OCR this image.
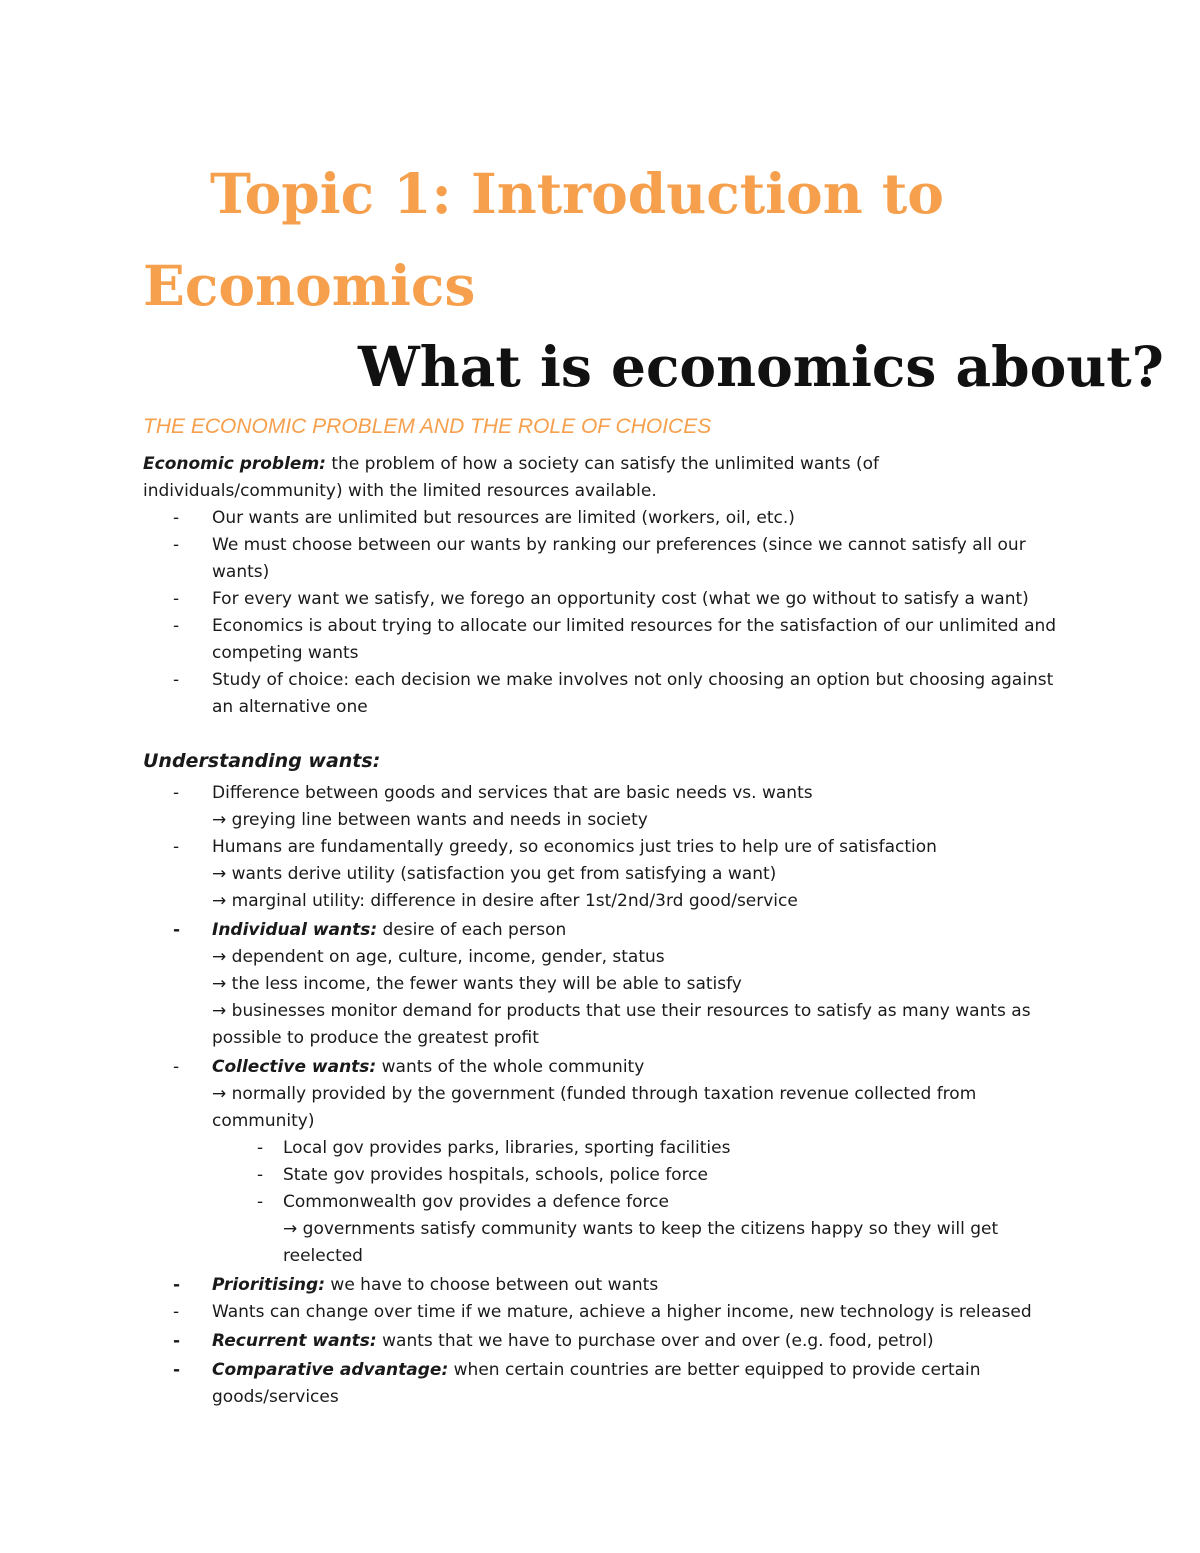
Topic 1: Introduction to Economics
What is economics about?

THE ECONOMIC PROBLEM AND THE ROLE OF CHOICES

Economic problem: the problem of how a society can satisfy the unlimited wants (of individuals/community) with the limited resources available.
- Our wants are unlimited but resources are limited (workers, oil, etc.)
- We must choose between our wants by ranking our preferences (since we cannot satisfy all our wants)
- For every want we satisfy, we forego an opportunity cost (what we go without to satisfy a want)
- Economics is about trying to allocate our limited resources for the satisfaction of our unlimited and competing wants
- Study of choice: each decision we make involves not only choosing an option but choosing against an alternative one

Understanding wants:

- Difference between goods and services that are basic needs vs. wants
→ greying line between wants and needs in society
- Humans are fundamentally greedy, so economics just tries to help ure of satisfaction
→ wants derive utility (satisfaction you get from satisfying a want)
→ marginal utility: difference in desire after 1st/2nd/3rd good/service
- Individual wants: desire of each person
→ dependent on age, culture, income, gender, status
→ the less income, the fewer wants they will be able to satisfy
→ businesses monitor demand for products that use their resources to satisfy as many wants as possible to produce the greatest profit
- Collective wants: wants of the whole community
→ normally provided by the government (funded through taxation revenue collected from community)
- Local gov provides parks, libraries, sporting facilities
- State gov provides hospitals, schools, police force
- Commonwealth gov provides a defence force
→ governments satisfy community wants to keep the citizens happy so they will get reelected
- Prioritising: we have to choose between out wants
- Wants can change over time if we mature, achieve a higher income, new technology is released
- Recurrent wants: wants that we have to purchase over and over (e.g. food, petrol)
- Comparative advantage: when certain countries are better equipped to provide certain goods/services
